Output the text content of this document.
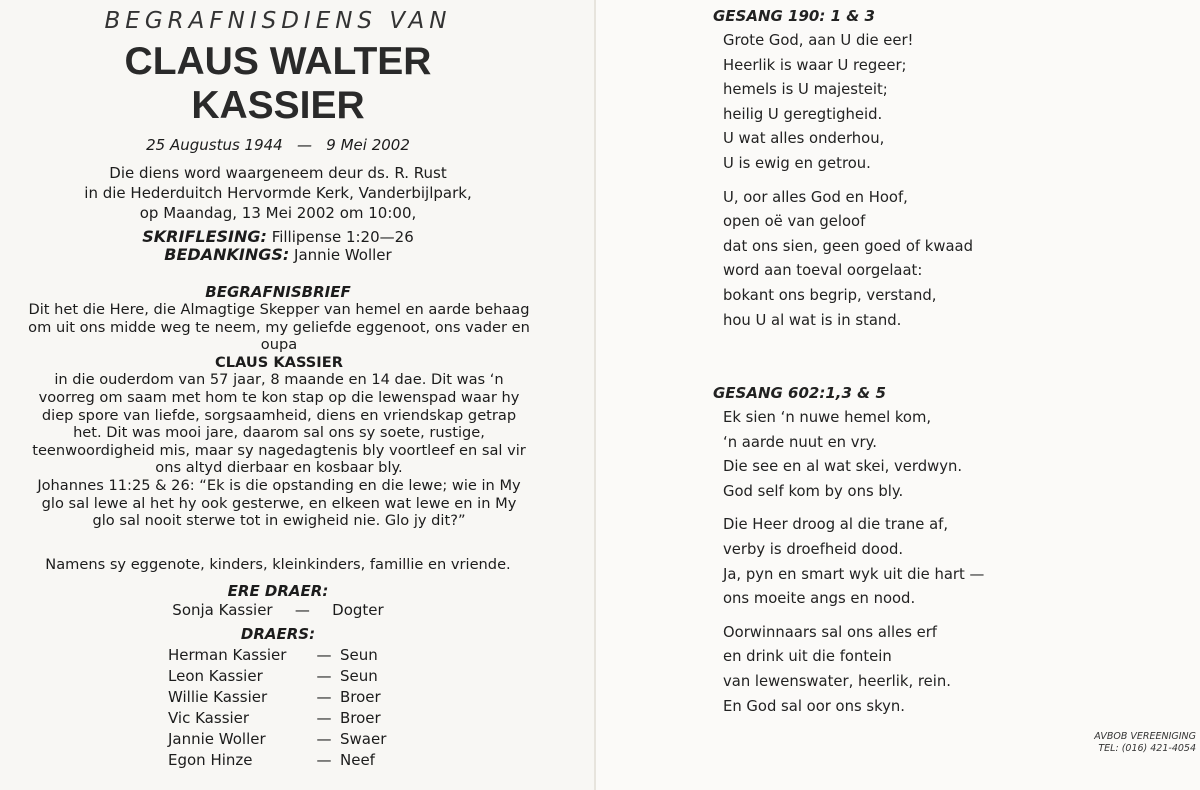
BEGRAFNISDIENS VAN
CLAUS WALTER
KASSIER
25 Augustus 1944 — 9 Mei 2002
Die diens word waargeneem deur ds. R. Rust
in die Hederduitch Hervormde Kerk, Vanderbijlpark,
op Maandag, 13 Mei 2002 om 10:00,
SKRIFLESING: Fillipense 1:20—26
BEDANKINGS: Jannie Woller
BEGRAFNISBRIEF
Dit het die Here, die Almagtige Skepper van hemel en aarde behaag
om uit ons midde weg te neem, my geliefde eggenoot, ons vader en
oupa
CLAUS KASSIER
in die ouderdom van 57 jaar, 8 maande en 14 dae. Dit was ‘n
voorreg om saam met hom te kon stap op die lewenspad waar hy
diep spore van liefde, sorgsaamheid, diens en vriendskap getrap
het. Dit was mooi jare, daarom sal ons sy soete, rustige,
teenwoordigheid mis, maar sy nagedagtenis bly voortleef en sal vir
ons altyd dierbaar en kosbaar bly.
Johannes 11:25 & 26: “Ek is die opstanding en die lewe; wie in My
glo sal lewe al het hy ook gesterwe, en elkeen wat lewe en in My
glo sal nooit sterwe tot in ewigheid nie. Glo jy dit?”
Namens sy eggenote, kinders, kleinkinders, famillie en vriende.
ERE DRAER:
Sonja Kassier — Dogter
DRAERS:
Herman Kassier	— Seun
Leon Kassier	— Seun
Willie Kassier	— Broer
Vic Kassier	— Broer
Jannie Woller	— Swaer
Egon Hinze	— Neef
GESANG 190: 1 & 3
Grote God, aan U die eer!
Heerlik is waar U regeer;
hemels is U majesteit;
heilig U geregtigheid.
U wat alles onderhou,
U is ewig en getrou.
U, oor alles God en Hoof,
open oë van geloof
dat ons sien, geen goed of kwaad
word aan toeval oorgelaat:
bokant ons begrip, verstand,
hou U al wat is in stand.
GESANG 602:1,3 & 5
Ek sien ‘n nuwe hemel kom,
‘n aarde nuut en vry.
Die see en al wat skei, verdwyn.
God self kom by ons bly.
Die Heer droog al die trane af,
verby is droefheid dood.
Ja, pyn en smart wyk uit die hart —
ons moeite angs en nood.
Oorwinnaars sal ons alles erf
en drink uit die fontein
van lewenswater, heerlik, rein.
En God sal oor ons skyn.
AVBOB VEREENIGING
TEL: (016) 421-4054
